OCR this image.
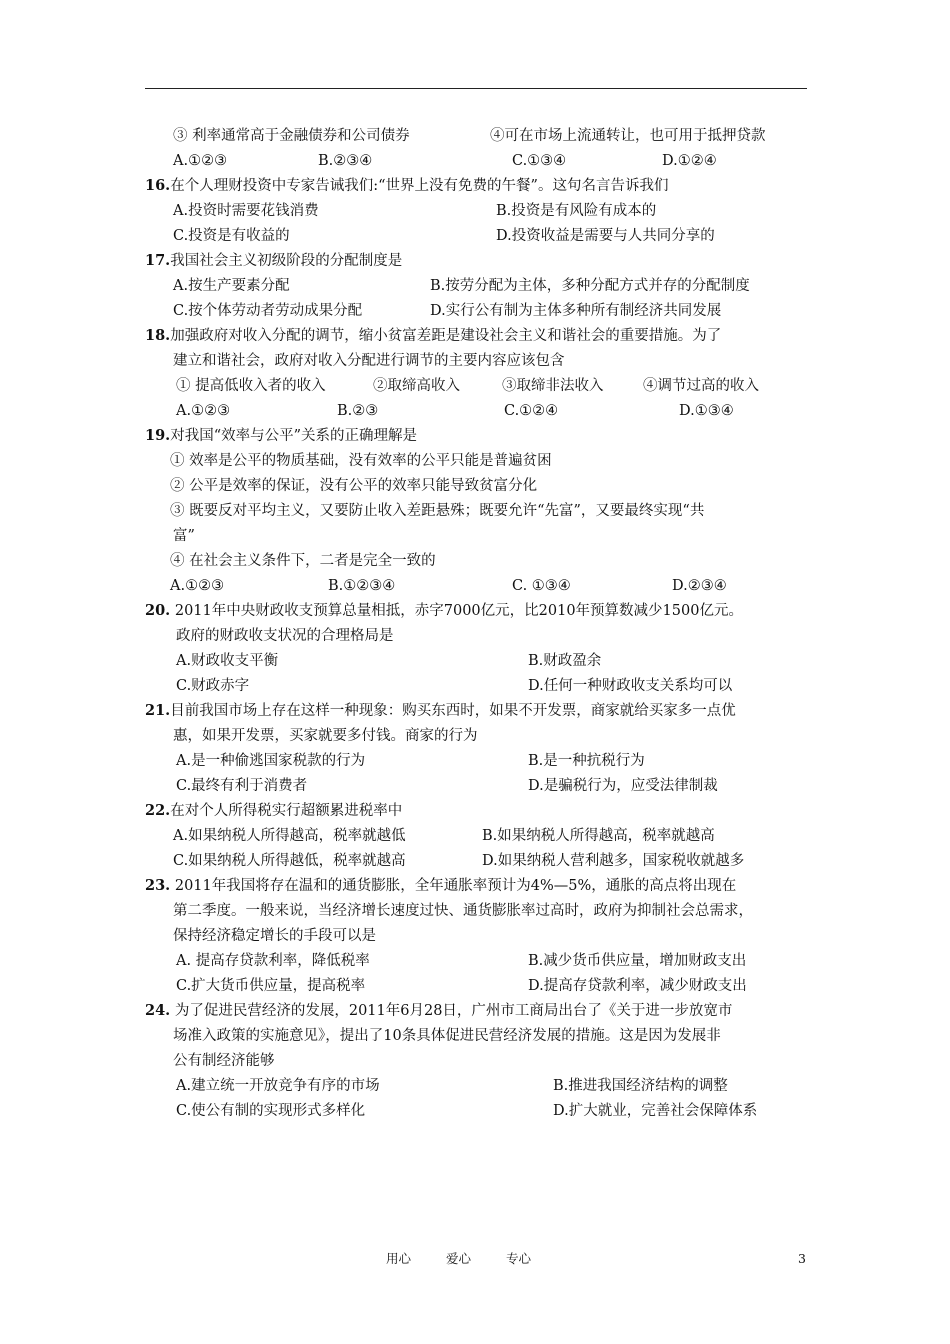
③ 利率通常高于金融债券和公司债券	④可在市场上流通转让，也可用于抵押贷款
A.①②③	B.②③④	C.①③④	D.①②④
16.在个人理财投资中专家告诫我们:“世界上没有免费的午餐”。这句名言告诉我们
A.投资时需要花钱消费	B.投资是有风险有成本的
C.投资是有收益的	D.投资收益是需要与人共同分享的
17.我国社会主义初级阶段的分配制度是
A.按生产要素分配	B.按劳分配为主体，多种分配方式并存的分配制度
C.按个体劳动者劳动成果分配	D.实行公有制为主体多种所有制经济共同发展
18.加强政府对收入分配的调节，缩小贫富差距是建设社会主义和谐社会的重要措施。为了
建立和谐社会，政府对收入分配进行调节的主要内容应该包含
① 提高低收入者的收入	②取缔高收入	③取缔非法收入	④调节过高的收入
A.①②③	B.②③	C.①②④	D.①③④
19.对我国“效率与公平”关系的正确理解是
① 效率是公平的物质基础，没有效率的公平只能是普遍贫困
② 公平是效率的保证，没有公平的效率只能导致贫富分化
③ 既要反对平均主义，又要防止收入差距悬殊；既要允许“先富”，又要最终实现“共
富”
④ 在社会主义条件下，二者是完全一致的
A.①②③	B.①②③④	C. ①③④	D.②③④
20. 2011年中央财政收支预算总量相抵，赤字7000亿元，比2010年预算数减少1500亿元。
政府的财政收支状况的合理格局是
A.财政收支平衡	B.财政盈余
C.财政赤字	D.任何一种财政收支关系均可以
21.目前我国市场上存在这样一种现象：购买东西时，如果不开发票，商家就给买家多一点优
惠，如果开发票，买家就要多付钱。商家的行为
A.是一种偷逃国家税款的行为	B.是一种抗税行为
C.最终有利于消费者	D.是骗税行为，应受法律制裁
22.在对个人所得税实行超额累进税率中
A.如果纳税人所得越高，税率就越低	B.如果纳税人所得越高，税率就越高
C.如果纳税人所得越低，税率就越高	D.如果纳税人营利越多，国家税收就越多
23. 2011年我国将存在温和的通货膨胀，全年通胀率预计为4%—5%，通胀的高点将出现在
第二季度。一般来说，当经济增长速度过快、通货膨胀率过高时，政府为抑制社会总需求，
保持经济稳定增长的手段可以是
A. 提高存贷款利率，降低税率	B.减少货币供应量，增加财政支出
C.扩大货币供应量，提高税率	D.提高存贷款利率，减少财政支出
24. 为了促进民营经济的发展，2011年6月28日，广州市工商局出台了《关于进一步放宽市
场准入政策的实施意见》，提出了10条具体促进民营经济发展的措施。这是因为发展非
公有制经济能够
A.建立统一开放竞争有序的市场	B.推进我国经济结构的调整
C.使公有制的实现形式多样化	D.扩大就业，完善社会保障体系
用心	爱心	专心	3
